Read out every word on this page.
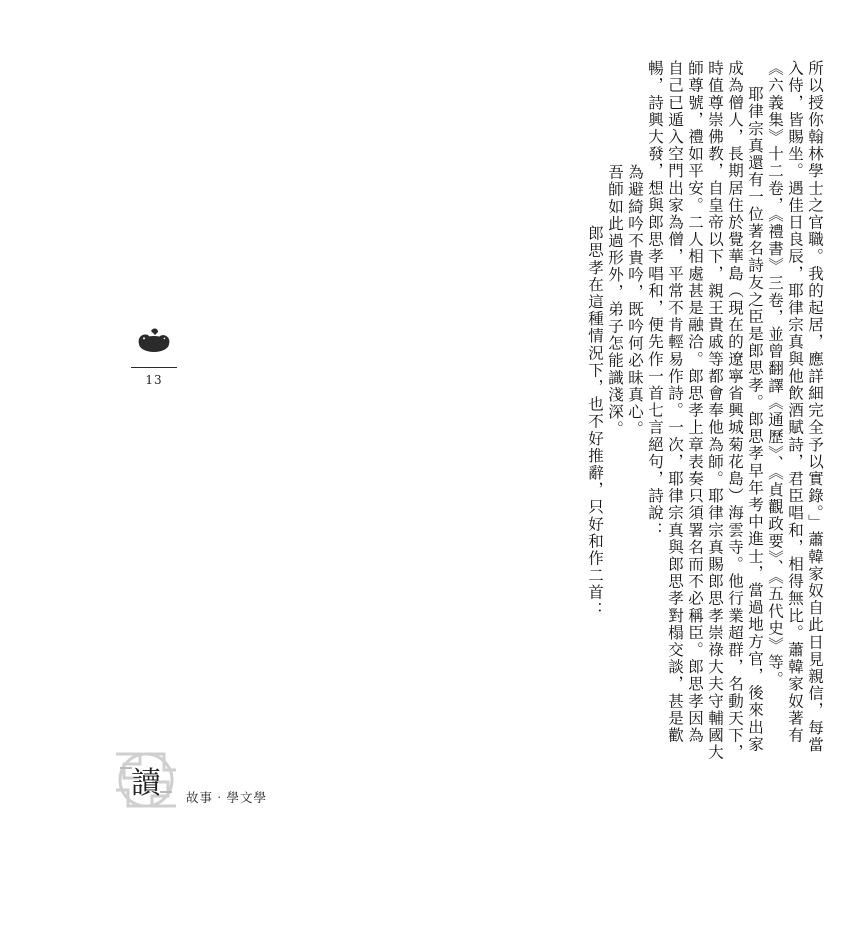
郎思孝在這種情況下，也不好推辭，只好和作二首： 吾師如此過形外，弟子怎能識淺深。 為避綺吟不貴吟，既吟何必昧真心。 暢，詩興大發，想與郎思孝唱和，便先作一首七言絕句，詩說： 自己已遁入空門出家為僧，平常不肯輕易作詩。一次，耶律宗真與郎思孝對榻交談，甚是歡 師尊號，禮如平安。二人相處甚是融洽。郎思孝上章表奏只須署名而不必稱臣。郎思孝因為 時值尊崇佛教，自皇帝以下，親王貴戚等都會奉他為師。耶律宗真賜郎思孝崇祿大夫守輔國大 成為僧人，長期居住於覺華島（現在的遼寧省興城菊花島）海雲寺。他行業超群，名動天下， 耶律宗真還有一位著名詩友之臣是郎思孝。郎思孝早年考中進士，當過地方官，後來出家 《六義集》十二卷，《禮書》三卷，並曾翻譯《通歷》、《貞觀政要》、《五代史》等。 入侍，皆賜坐。遇佳日良辰，耶律宗真與他飲酒賦詩，君臣唱和，相得無比。蕭韓家奴著有 所以授你翰林學士之官職。我的起居，應詳細完全予以實錄。」蕭韓家奴自此日見親信，每當
13
讀	故事‧學文學
